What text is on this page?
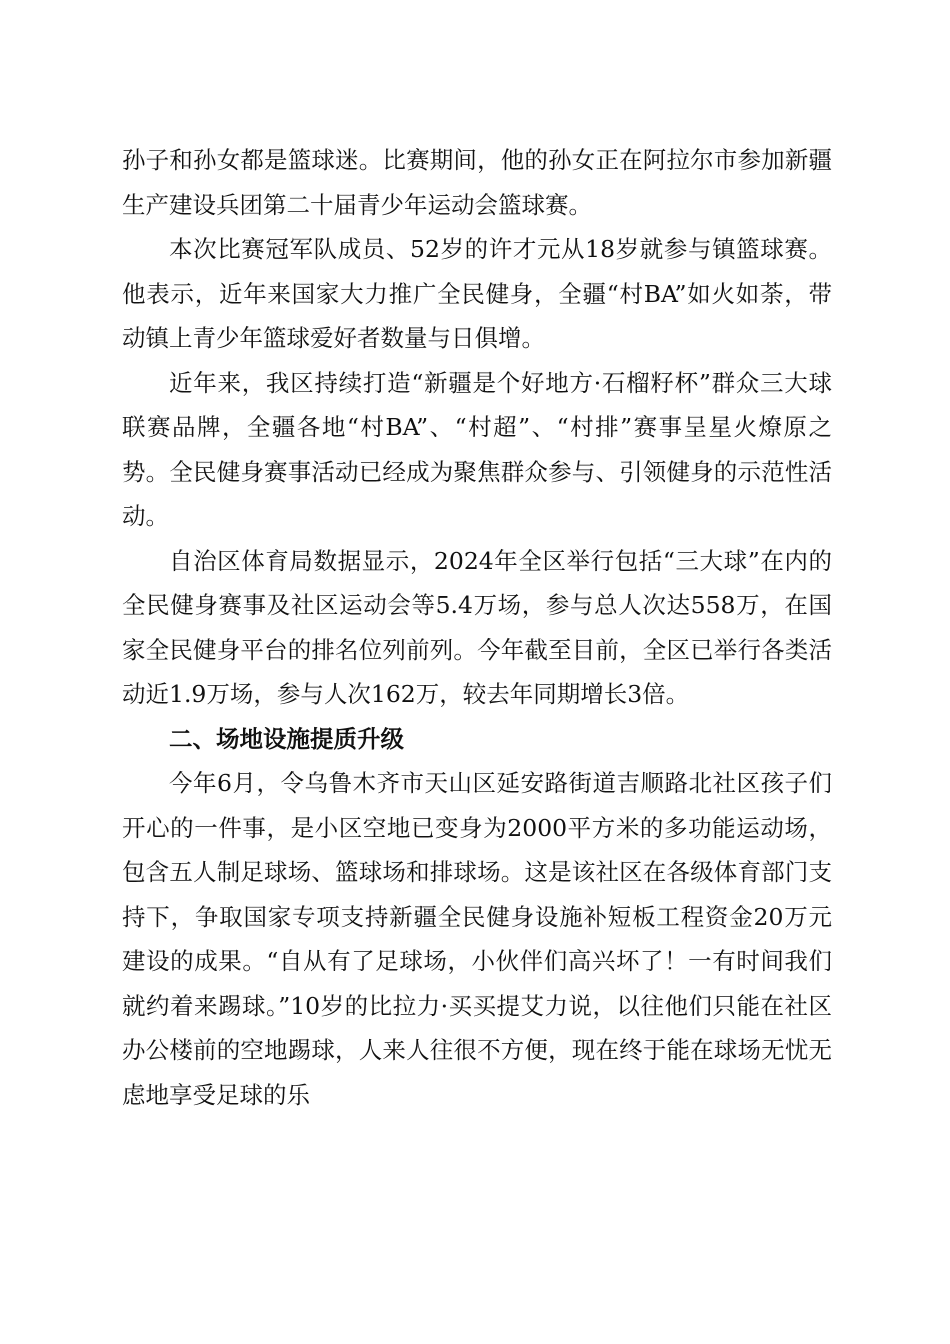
孙子和孙女都是篮球迷。比赛期间，他的孙女正在阿拉尔市参加新疆生产建设兵团第二十届青少年运动会篮球赛。

本次比赛冠军队成员、52岁的许才元从18岁就参与镇篮球赛。他表示，近年来国家大力推广全民健身，全疆“村BA”如火如荼，带动镇上青少年篮球爱好者数量与日俱增。

近年来，我区持续打造“新疆是个好地方·石榴籽杯”群众三大球联赛品牌，全疆各地“村BA”、“村超”、“村排”赛事呈星火燎原之势。全民健身赛事活动已经成为聚焦群众参与、引领健身的示范性活动。

自治区体育局数据显示，2024年全区举行包括“三大球”在内的全民健身赛事及社区运动会等5.4万场，参与总人次达558万，在国家全民健身平台的排名位列前列。今年截至目前，全区已举行各类活动近1.9万场，参与人次162万，较去年同期增长3倍。

二、场地设施提质升级

今年6月，令乌鲁木齐市天山区延安路街道吉顺路北社区孩子们开心的一件事，是小区空地已变身为2000平方米的多功能运动场，包含五人制足球场、篮球场和排球场。这是该社区在各级体育部门支持下，争取国家专项支持新疆全民健身设施补短板工程资金20万元建设的成果。“自从有了足球场，小伙伴们高兴坏了！一有时间我们就约着来踢球。”10岁的比拉力·买买提艾力说，以往他们只能在社区办公楼前的空地踢球，人来人往很不方便，现在终于能在球场无忧无虑地享受足球的乐
